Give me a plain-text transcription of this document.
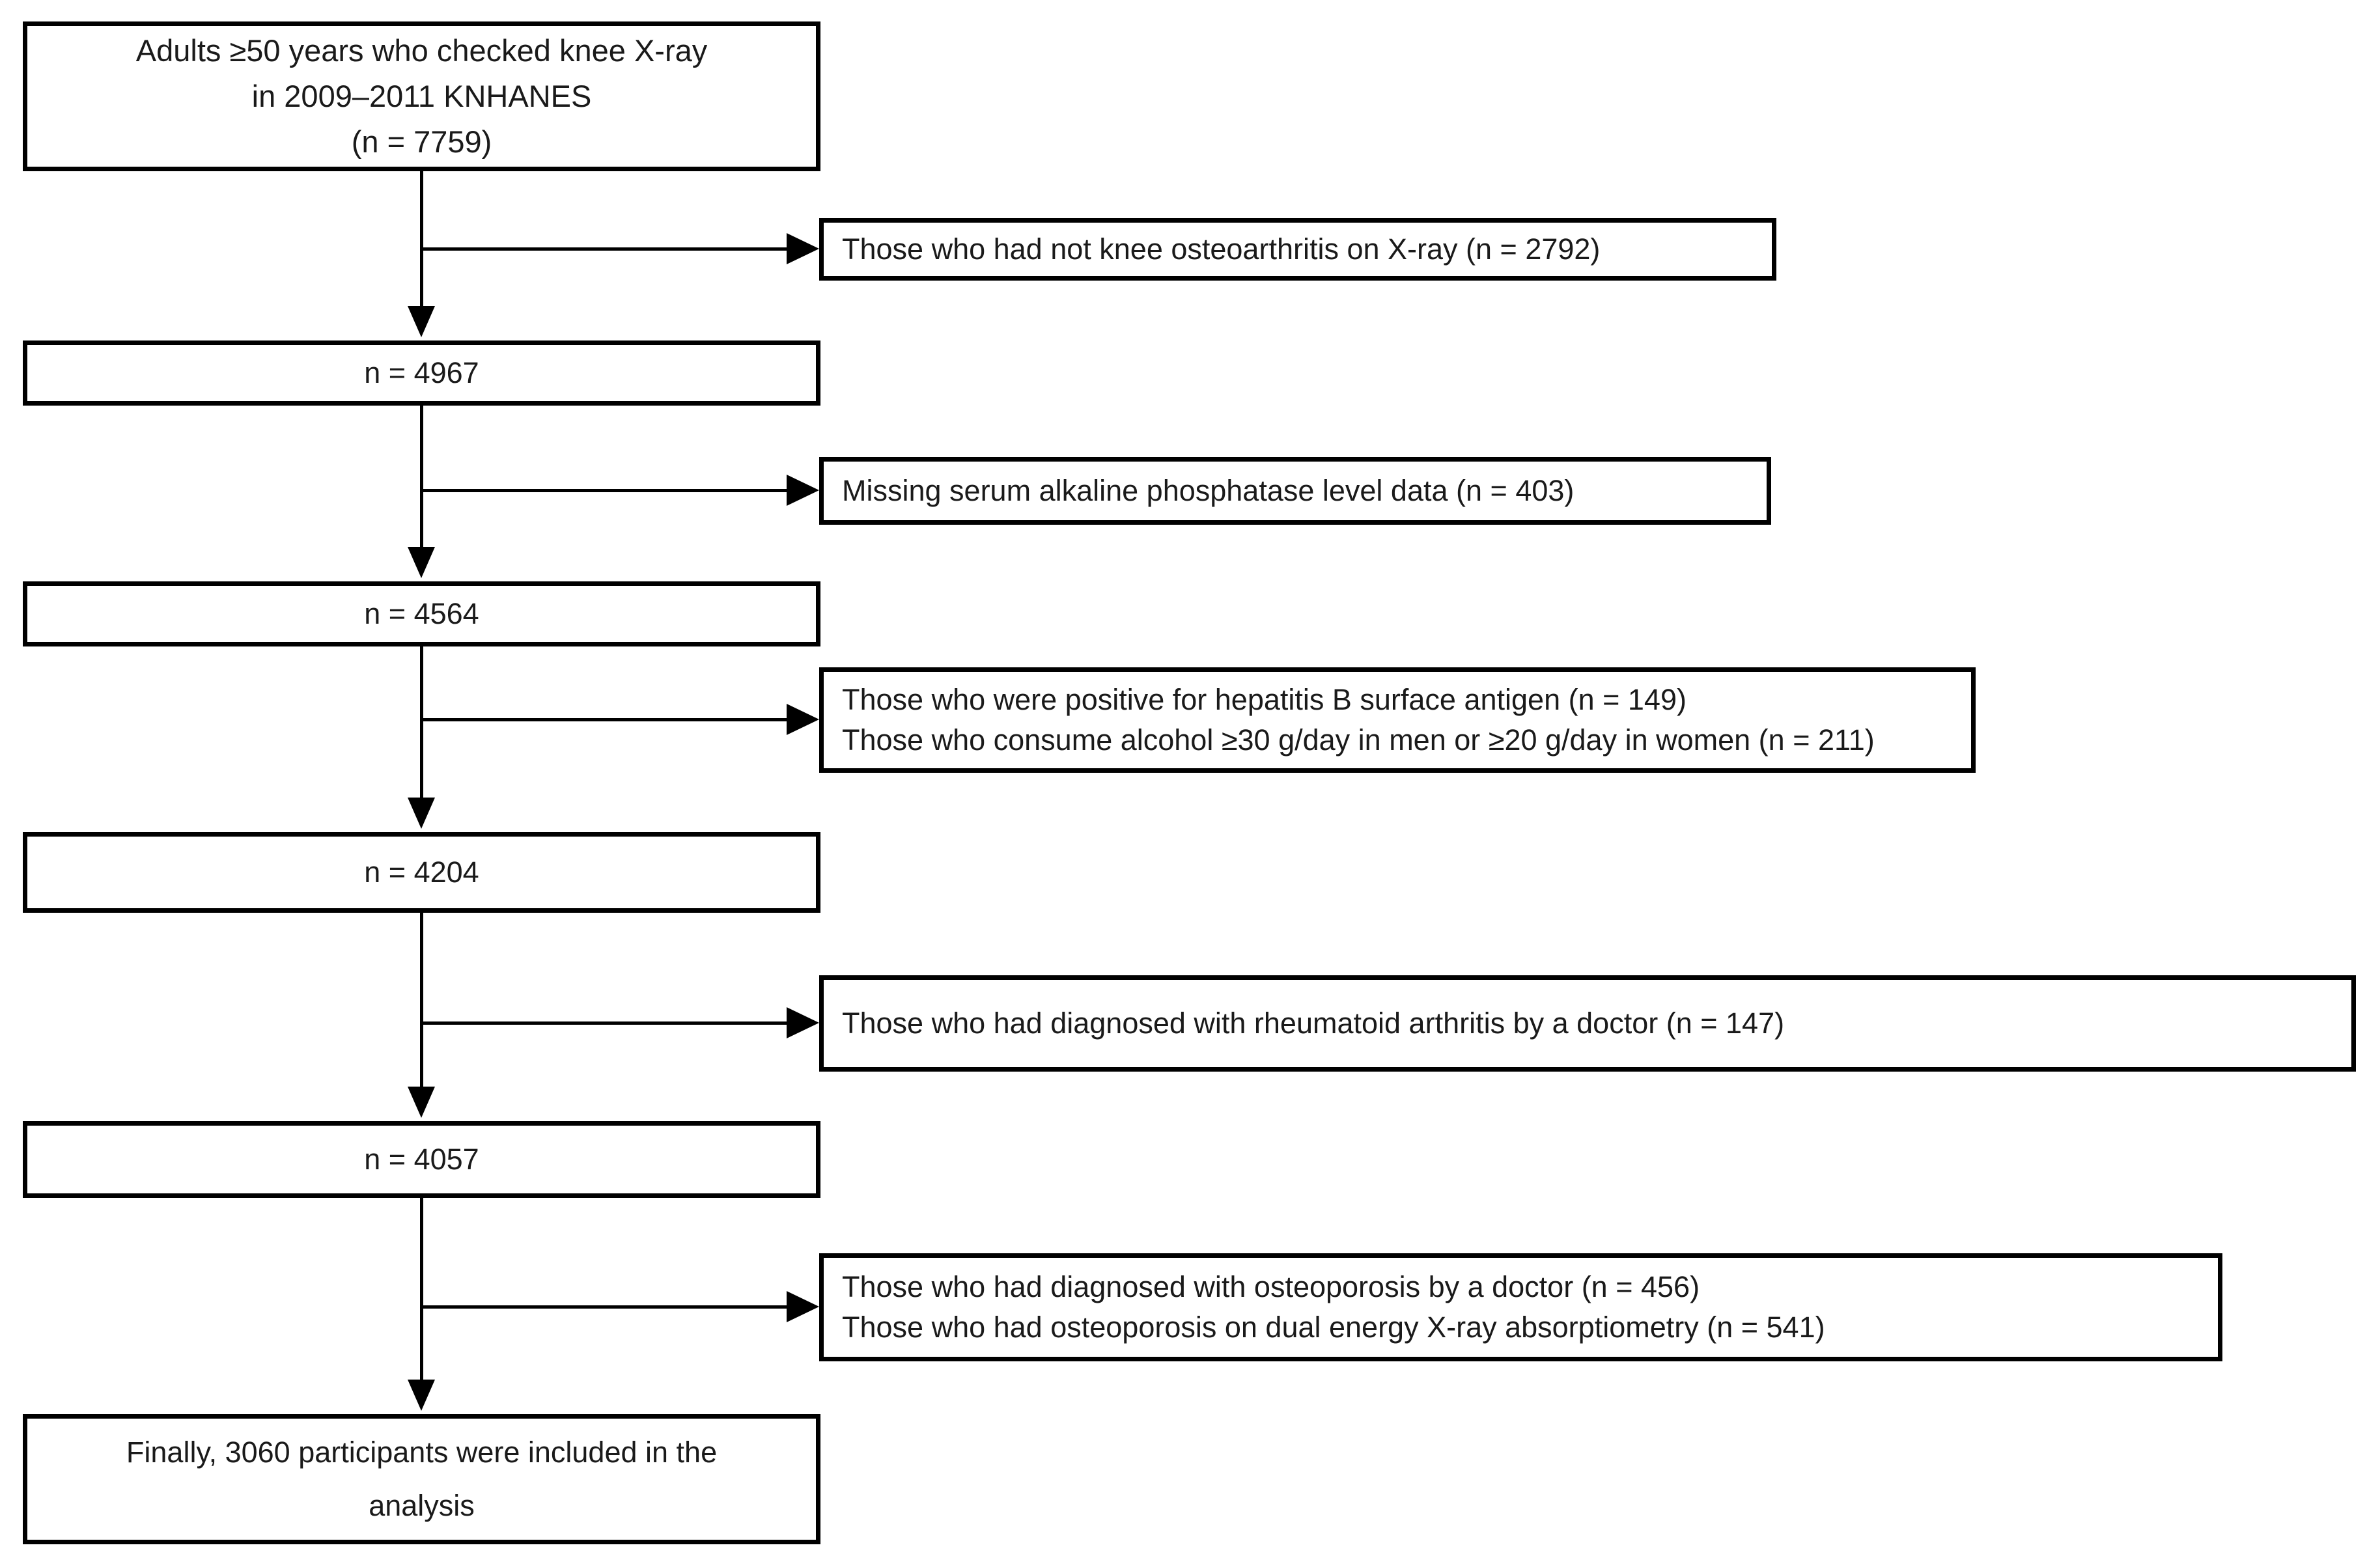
Adults ≥50 years who checked knee X-ray
in 2009–2011 KNHANES
(n = 7759)
n = 4967
n = 4564
n = 4204
n = 4057
Finally, 3060 participants were included in the
analysis
Those who had not knee osteoarthritis on X-ray (n = 2792)
Missing serum alkaline phosphatase level data (n = 403)
Those who were positive for hepatitis B surface antigen (n = 149)
Those who consume alcohol ≥30 g/day in men or ≥20 g/day in women (n = 211)
Those who had diagnosed with rheumatoid arthritis by a doctor (n = 147)
Those who had diagnosed with osteoporosis by a doctor (n = 456)
Those who had osteoporosis on dual energy X-ray absorptiometry (n = 541)
